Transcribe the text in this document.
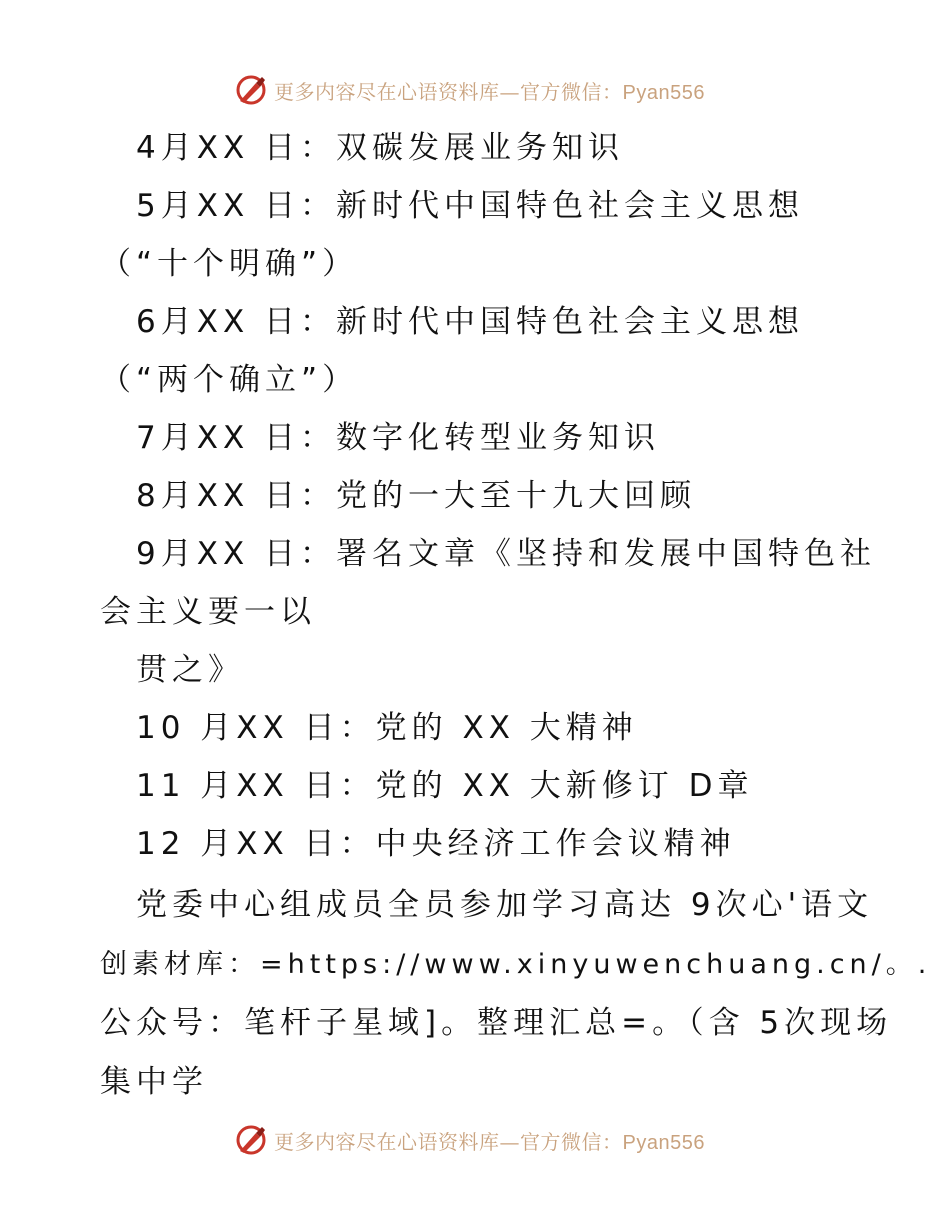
更多内容尽在心语资料库—官方微信：Pyan556
4月XX 日：双碳发展业务知识
5月XX 日：新时代中国特色社会主义思想
（“十个明确”）
6月XX 日：新时代中国特色社会主义思想
（“两个确立”）
7月XX 日：数字化转型业务知识
8月XX 日：党的一大至十九大回顾
9月XX 日：署名文章《坚持和发展中国特色社
会主义要一以
贯之》
10 月XX 日：党的 XX 大精神
11 月XX 日：党的 XX 大新修订 D章
12 月XX 日：中央经济工作会议精神
党委中心组成员全员参加学习高达 9次心'语文
创素材库：=https://www.xinyuwenchuang.cn/。.
公众号：笔杆子星域]。整理汇总=。（含 5次现场
集中学
更多内容尽在心语资料库—官方微信：Pyan556
